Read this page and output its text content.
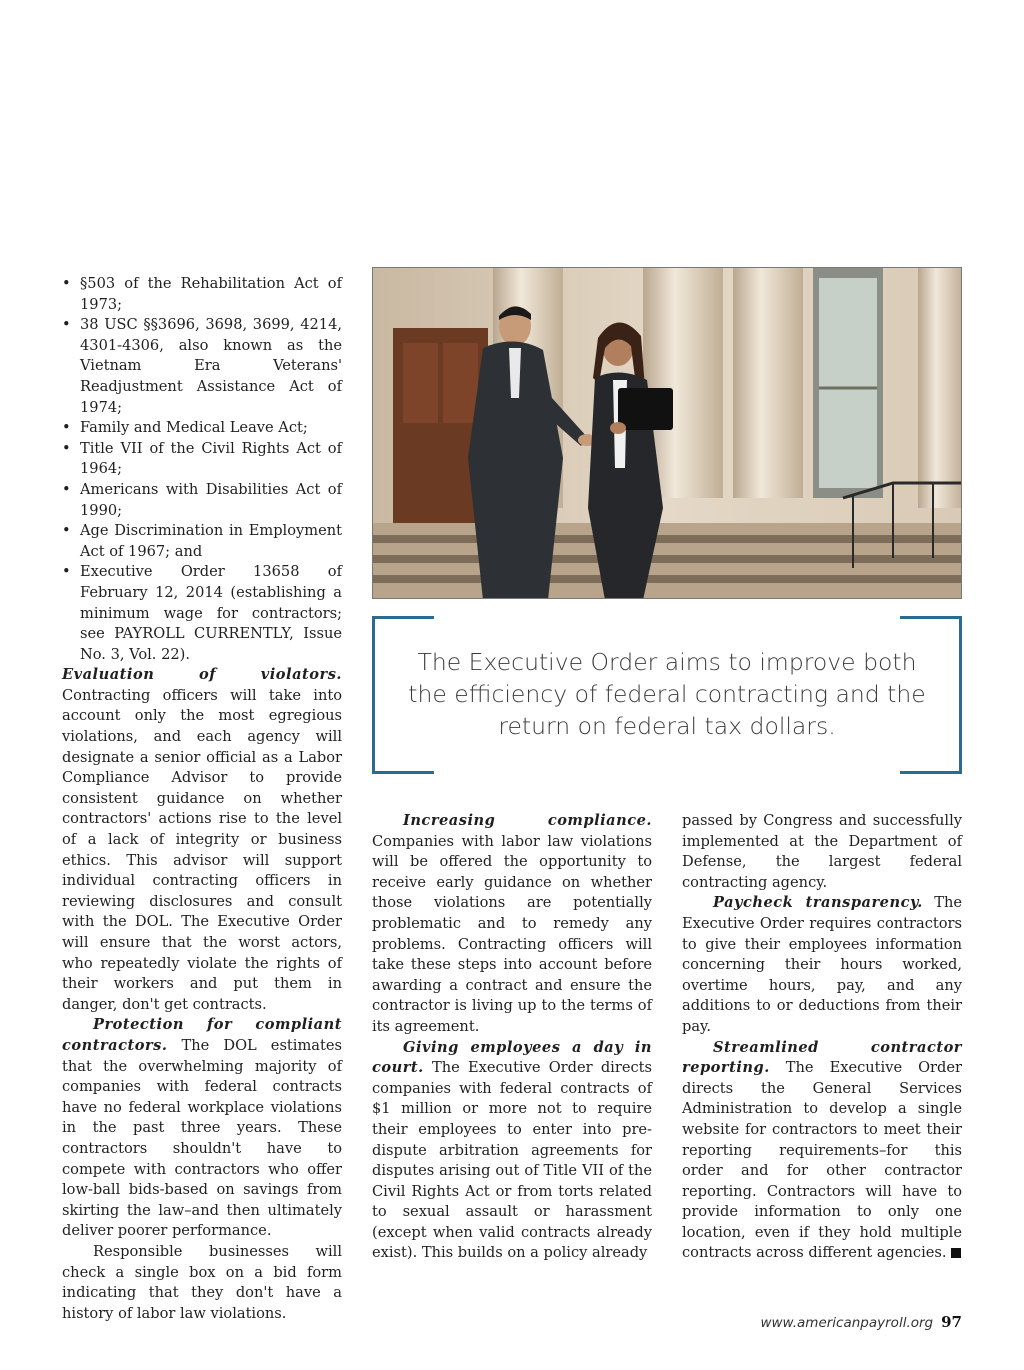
• §503 of the Rehabilitation Act of 1973;
• 38 USC §§3696, 3698, 3699, 4214, 4301-4306, also known as the Vietnam Era Veterans' Readjustment Assistance Act of 1974;
• Family and Medical Leave Act;
• Title VII of the Civil Rights Act of 1964;
• Americans with Disabilities Act of 1990;
• Age Discrimination in Employment Act of 1967; and
• Executive Order 13658 of February 12, 2014 (establishing a minimum wage for contractors; see PAYROLL CURRENTLY, Issue No. 3, Vol. 22).

Evaluation of violators. Contracting officers will take into account only the most egregious violations, and each agency will designate a senior official as a Labor Compliance Advisor to provide consistent guidance on whether contractors' actions rise to the level of a lack of integrity or business ethics. This advisor will support individual contracting officers in reviewing disclosures and consult with the DOL. The Executive Order will ensure that the worst actors, who repeatedly violate the rights of their workers and put them in danger, don't get contracts.

Protection for compliant contractors. The DOL estimates that the overwhelming majority of companies with federal contracts have no federal workplace violations in the past three years. These contractors shouldn't have to compete with contractors who offer low-ball bids-based on savings from skirting the law–and then ultimately deliver poorer performance.

Responsible businesses will check a single box on a bid form indicating that they don't have a history of labor law violations.

The Executive Order aims to improve both the efficiency of federal contracting and the return on federal tax dollars.

Increasing compliance. Companies with labor law violations will be offered the opportunity to receive early guidance on whether those violations are potentially problematic and to remedy any problems. Contracting officers will take these steps into account before awarding a contract and ensure the contractor is living up to the terms of its agreement.

Giving employees a day in court. The Executive Order directs companies with federal contracts of $1 million or more not to require their employees to enter into pre-dispute arbitration agreements for disputes arising out of Title VII of the Civil Rights Act or from torts related to sexual assault or harassment (except when valid contracts already exist). This builds on a policy already

passed by Congress and successfully implemented at the Department of Defense, the largest federal contracting agency.

Paycheck transparency. The Executive Order requires contractors to give their employees information concerning their hours worked, overtime hours, pay, and any additions to or deductions from their pay.

Streamlined contractor reporting. The Executive Order directs the General Services Administration to develop a single website for contractors to meet their reporting requirements–for this order and for other contractor reporting. Contractors will have to provide information to only one location, even if they hold multiple contracts across different agencies.

www.americanpayroll.org 97
